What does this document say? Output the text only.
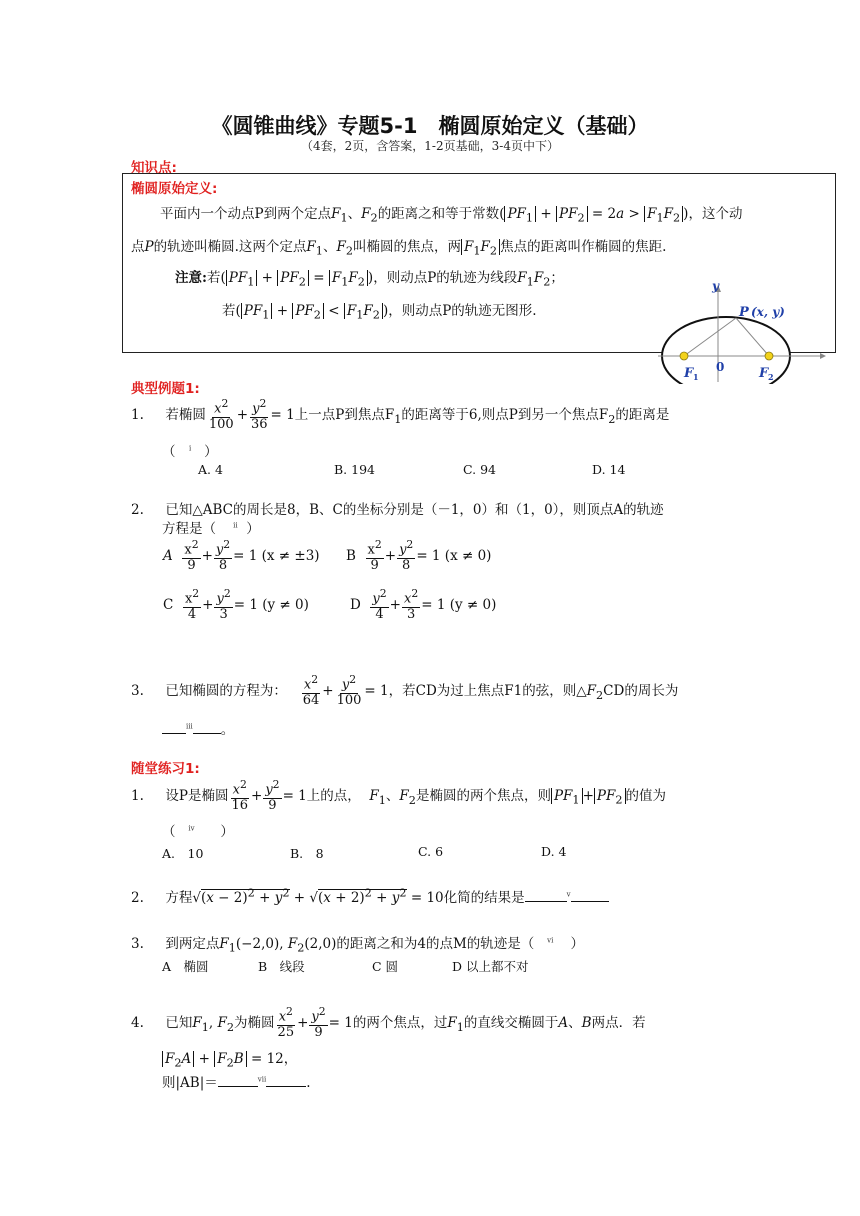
《圆锥曲线》专题5-1　椭圆原始定义（基础）
（4套，2页，含答案，1-2页基础，3-4页中下）
知识点:
椭圆原始定义:
平面内一个动点P到两个定点$F_1$、$F_2$的距离之和等于常数( $PF_1 + PF_2 = 2a > F_1F_2$ )，这个动
点P的轨迹叫椭圆.这两个定点$F_1$、$F_2$叫椭圆的焦点，两 $F_1F_2$ 焦点的距离叫作椭圆的焦距.
注意:若( $PF_1 + PF_2 = F_1F_2$ )，则动点P的轨迹为线段$F_1F_2$；
若( $PF_1 + PF_2 < F_1F_2$ )，则动点P的轨迹无图形.
y
P (x, y)
0
F 1	F 2
典型例题1:
1. 若椭圆 $\frac{x^2}{100} + \frac{y^2}{36} = 1$上一点P到焦点$F_1$的距离等于6,则点P到另一个焦点$F_2$的距离是
（　$^i$ ）
A. 4	B. 194	C. 94	D. 14
2. 已知△ABC的周长是8，B、C的坐标分别是（－1，0）和（1，0），则顶点A的轨迹
方程是（ $^{ii}$ ）
A $\frac{x^2}{9} + \frac{y^2}{8} = 1$ (x ≠ ±3) B $\frac{x^2}{9} + \frac{y^2}{8} = 1$ (x ≠ 0)
C $\frac{x^2}{4} + \frac{y^2}{3} = 1$ (y ≠ 0)	D $\frac{y^2}{4} + \frac{x^2}{3} = 1$ (y ≠ 0)
3. 已知椭圆的方程为： $\frac{x^2}{64} + \frac{y^2}{100} = 1$，若CD为过上焦点F1的弦，则$\triangle F_2CD$的周长为
$^{iii}$ 。
随堂练习1:
1. 设P是椭圆 $\frac{x^2}{16} + \frac{y^2}{9} = 1$上的点， $F_1$、$F_2$是椭圆的两个焦点，则 $PF_1 + PF_2$ 的值为
（ $^{iv}$ ）
A.　10	B.　8	C. 6	D. 4
2. 方程$√(x - 2)^2 + y^2 + √(x + 2)^2 + y^2 = 10$化简的结果是	$^v$
3. 到两定点$F_1(-2,0)$, $F_2(2,0)$的距离之和为4的点M的轨迹是（ $^{vi}$ ）
A　椭圆	B　线段	C 圆	D 以上都不对
4. 已知$F_1$, $F_2$为椭圆 $\frac{x^2}{25} + \frac{y^2}{9} = 1$的两个焦点，过$F_1$的直线交椭圆于A、B两点．若
$F_2A + F_2B = 12$，
则|AB|＝	$^{vii}$	.
